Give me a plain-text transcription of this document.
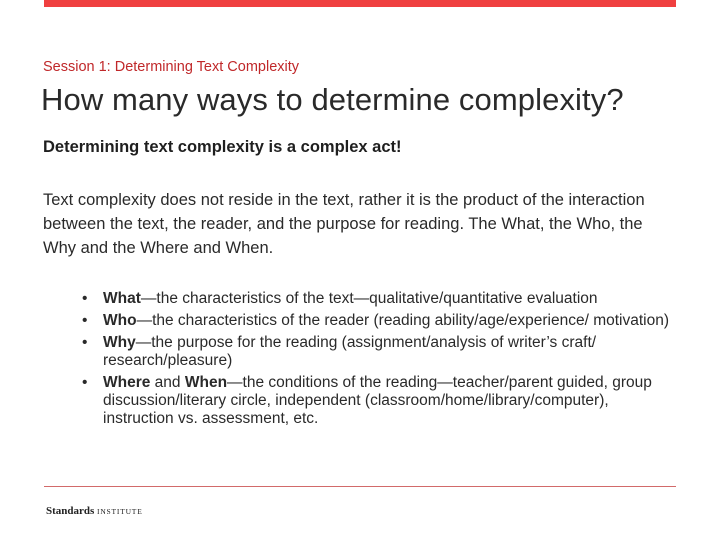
Session 1: Determining Text Complexity
How many ways to determine complexity?
Determining text complexity is a complex act!

Text complexity does not reside in the text, rather it is the product of the interaction between the text, the reader, and the purpose for reading. The What, the Who, the Why and the Where and When.

• What—the characteristics of the text—qualitative/quantitative evaluation
• Who—the characteristics of the reader (reading ability/age/experience/ motivation)
• Why—the purpose for the reading (assignment/analysis of writer’s craft/ research/pleasure)
• Where and When—the conditions of the reading—teacher/parent guided, group discussion/literary circle, independent (classroom/home/library/computer), instruction vs. assessment, etc.
Standards INSTITUTE
